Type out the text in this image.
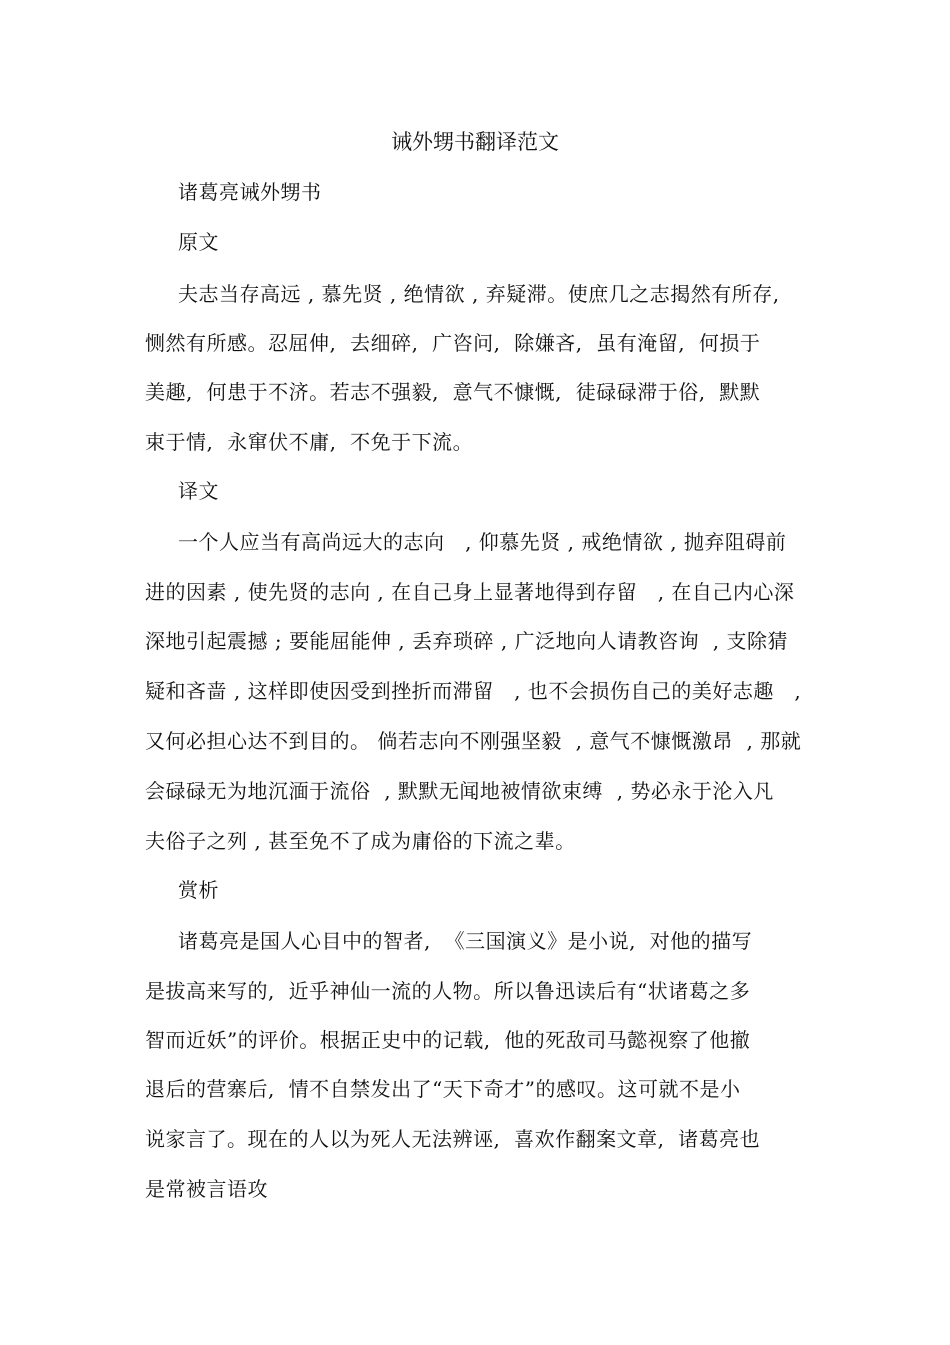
诫外甥书翻译范文
诸葛亮诫外甥书
原文
夫志当存高远 , 慕先贤 , 绝情欲 , 弃疑滞。使庶几之志揭然有所存,
恻然有所感。忍屈伸,  去细碎,  广咨问,  除嫌吝,  虽有淹留,  何损于
美趣,  何患于不济。若志不强毅,  意气不慷慨,  徒碌碌滞于俗,  默默
束于情,  永窜伏不庸,  不免于下流。
译文
一个人应当有高尚远大的志向   , 仰慕先贤 , 戒绝情欲 , 抛弃阻碍前
进的因素 , 使先贤的志向 , 在自己身上显著地得到存留   , 在自己内心深
深地引起震撼 ; 要能屈能伸 , 丢弃琐碎 , 广泛地向人请教咨询  , 支除猜
疑和吝啬 , 这样即使因受到挫折而滞留   , 也不会损伤自己的美好志趣   ,
又何必担心达不到目的。 倘若志向不刚强坚毅  , 意气不慷慨激昂  , 那就
会碌碌无为地沉湎于流俗  , 默默无闻地被情欲束缚  , 势必永于沦入凡
夫俗子之列 , 甚至免不了成为庸俗的下流之辈。
赏析
诸葛亮是国人心目中的智者,  《三国演义》是小说,  对他的描写
是拔高来写的,  近乎神仙一流的人物。所以鲁迅读后有“状诸葛之多
智而近妖”的评价。根据正史中的记载,  他的死敌司马懿视察了他撤
退后的营寨后,  情不自禁发出了“天下奇才”的感叹。这可就不是小
说家言了。现在的人以为死人无法辨诬,  喜欢作翻案文章,  诸葛亮也
是常被言语攻
